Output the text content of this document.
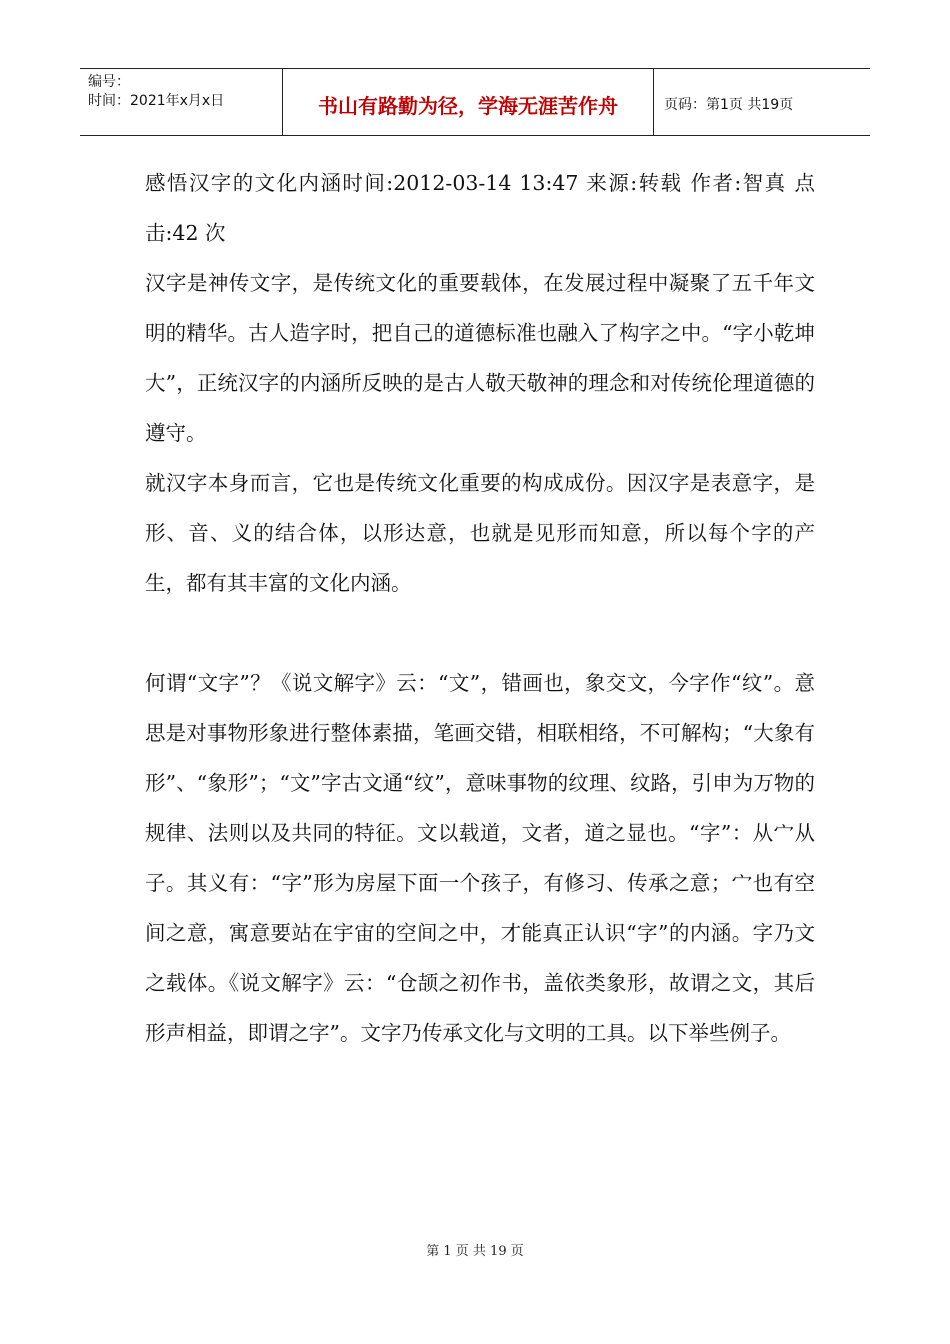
编号：
时间：2021年x月x日	书山有路勤为径，学海无涯苦作舟	页码：第1页 共19页

感悟汉字的文化内涵时间:2012-03-14 13:47 来源:转载 作者:智真 点击:42 次

汉字是神传文字，是传统文化的重要载体，在发展过程中凝聚了五千年文明的精华。古人造字时，把自己的道德标准也融入了构字之中。“字小乾坤大”，正统汉字的内涵所反映的是古人敬天敬神的理念和对传统伦理道德的遵守。

就汉字本身而言，它也是传统文化重要的构成成份。因汉字是表意字，是形、音、义的结合体，以形达意，也就是见形而知意，所以每个字的产生，都有其丰富的文化内涵。

何谓“文字”？《说文解字》云：“文”，错画也，象交文，今字作“纹”。意思是对事物形象进行整体素描，笔画交错，相联相络，不可解构；“大象有形”、“象形”；“文”字古文通“纹”，意味事物的纹理、纹路，引申为万物的规律、法则以及共同的特征。文以载道，文者，道之显也。“字”：从宀从子。其义有：“字”形为房屋下面一个孩子，有修习、传承之意；宀也有空间之意，寓意要站在宇宙的空间之中，才能真正认识“字”的内涵。字乃文之载体。《说文解字》云：“仓颉之初作书，盖依类象形，故谓之文，其后形声相益，即谓之字”。文字乃传承文化与文明的工具。以下举些例子。

第 1 页 共 19 页
